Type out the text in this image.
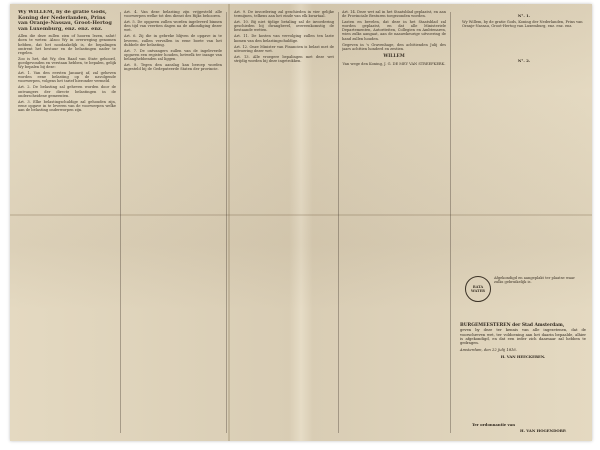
Wy WILLEM, by de gratie Gods, Koning der Nederlanden, Prins van Oranje-Nassau, Groot-Hertog van Luxemburg, enz. enz. enz.

Allen die deze zullen zien of hooren lezen, salut! doen te weten: Alzoo Wy in overweging genomen hebben, dat het noodzakelijk is, de bepalingen omtrent het bestuur en de belastingen nader te regelen.

Zoo is het, dat Wy, den Raad van State gehoord, goedgevonden en verstaan hebben, te bepalen, gelijk Wy bepalen bij deze:

Art. 1. Van den eersten Januarij af, zal geheven worden eene belasting op de navolgende voorwerpen, volgens het tarief hieronder vermeld.

Art. 2. De belasting zal geheven worden door de ontvangers der directe belastingen in de onderscheidene gemeenten.

Art. 3. Elke belastingschuldige zal gehouden zijn, eene opgave in te leveren van de voorwerpen welke aan de belasting onderworpen zijn.

Art. 4. Van deze belasting zijn vrijgesteld alle voorwerpen welke tot den dienst des Rijks behooren.

Art. 5. De opgaven zullen worden ingeleverd binnen den tijd van veertien dagen na de afkondiging dezer wet.

Art. 6. Zij die in gebreke blijven de opgave in te leveren, zullen vervallen in eene boete van het dubbele der belasting.

Art. 7. De ontvangers zullen van de ingeleverde opgaven een register houden, hetwelk ter inzage van belanghebbenden zal liggen.

Art. 8. Tegen den aanslag kan beroep worden ingesteld bij de Gedeputeerde Staten der provincie.

Art. 9. De invordering zal geschieden in vier gelijke termijnen, telkens aan het einde van elk kwartaal.

Art. 10. Bij niet tijdige betaling zal de invordering geschieden bij dwangbevel, overeenkomstig de bestaande wetten.

Art. 11. De kosten van vervolging zullen ten laste komen van den belastingschuldige.

Art. 12. Onze Minister van Financien is belast met de uitvoering dezer wet.

Art. 13. Alle vroegere bepalingen met deze wet strijdig worden bij deze ingetrokken.

Art. 14. Deze wet zal in het Staatsblad geplaatst, en aan de Provinciale Besturen toegezonden worden.

Lasten en bevelen, dat deze in het Staatsblad zal worden geplaatst, en dat alle Ministeriele Departementen, Autoriteiten, Collegien en Ambtenaren, wien zulks aangaat, aan de naauwkeurige uitvoering de hand zullen houden.

Gegeven in 's Gravenhage, den achttienden Julij des jaars achttien honderd en zestien.

WILLEM
Van wege den Koning, J. G. DE MEY VAN STREEFKERK.
N°. 1.
Wy Willem, by de gratie Gods, Koning der Nederlanden, Prins van Oranje-Nassau, Groot-Hertog van Luxemburg, enz. enz. enz.
N°. 2.
RATA WATER
Afgekondigd en aangeplakt ter plaatse waar zulks gebruikelijk is.
BURGEMEESTEREN der Stad Amsterdam,
geven by deze ter kennis van alle ingezetenen, dat de voorschreven wet, ter voldoening aan het daarin bepaalde, alhier is afgekondigd, en dat een ieder zich daarnaar zal hebben te gedragen.
Amsterdam, den 22 Julij 1816.
H. VAN HEECKEREN.
Ter ordonnantie van
H. VAN HOGENDORP.
